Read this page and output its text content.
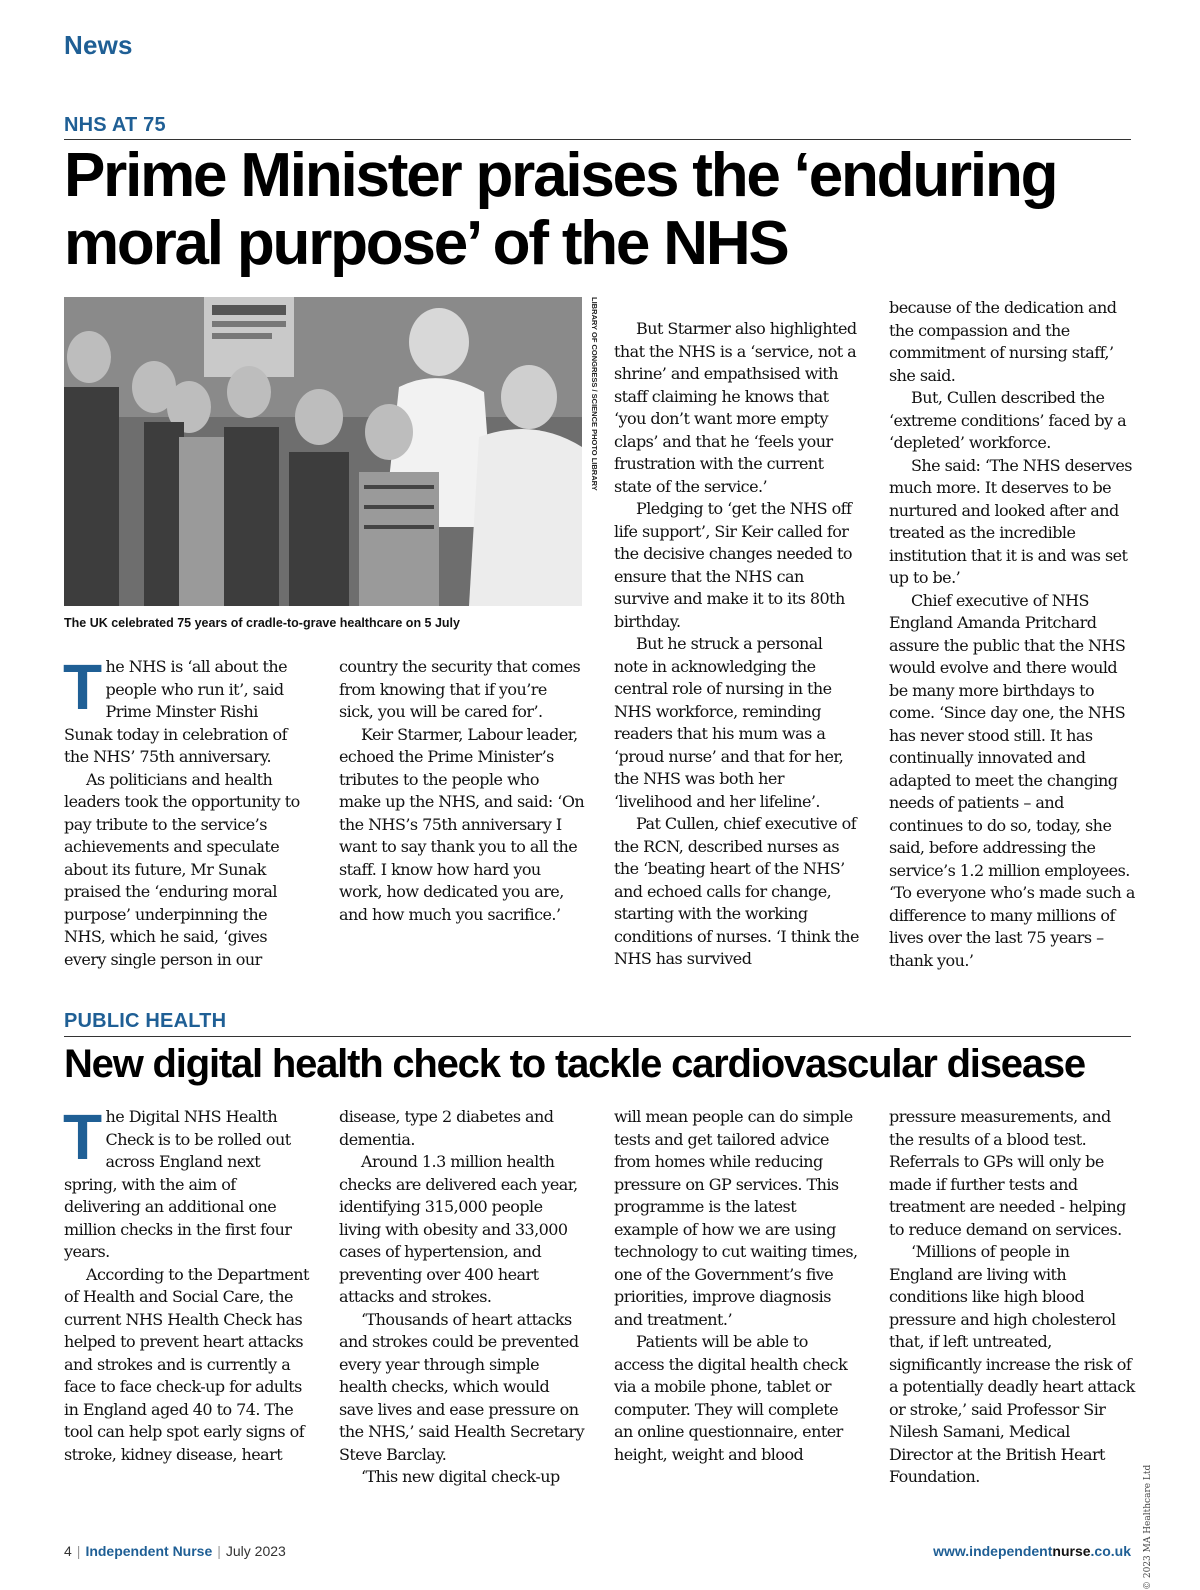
News
NHS AT 75
Prime Minister praises the ‘enduring
moral purpose’ of the NHS
LIBRARY OF CONGRESS / SCIENCE PHOTO LIBRARY
The UK celebrated 75 years of cradle-to-grave healthcare on 5 July
T he NHS is ‘all about the people who run it’, said Prime Minster Rishi Sunak today in celebration of the NHS’ 75th anniversary.

As politicians and health leaders took the opportunity to pay tribute to the service’s achievements and speculate about its future, Mr Sunak praised the ‘enduring moral purpose’ underpinning the NHS, which he said, ‘gives every single person in our

country the security that comes from knowing that if you’re sick, you will be cared for’.

Keir Starmer, Labour leader, echoed the Prime Minister’s tributes to the people who make up the NHS, and said: ‘On the NHS’s 75th anniversary I want to say thank you to all the staff. I know how hard you work, how dedicated you are, and how much you sacrifice.’

But Starmer also highlighted that the NHS is a ‘service, not a shrine’ and empathsised with staff claiming he knows that ‘you don’t want more empty claps’ and that he ‘feels your frustration with the current state of the service.’

Pledging to ‘get the NHS off life support’, Sir Keir called for the decisive changes needed to ensure that the NHS can survive and make it to its 80th birthday.

But he struck a personal note in acknowledging the central role of nursing in the NHS workforce, reminding readers that his mum was a ‘proud nurse’ and that for her, the NHS was both her ‘livelihood and her lifeline’.

Pat Cullen, chief executive of the RCN, described nurses as the ‘beating heart of the NHS’ and echoed calls for change, starting with the working conditions of nurses. ‘I think the NHS has survived

because of the dedication and the compassion and the commitment of nursing staff,’ she said.

But, Cullen described the ‘extreme conditions’ faced by a ‘depleted’ workforce.

She said: ‘The NHS deserves much more. It deserves to be nurtured and looked after and treated as the incredible institution that it is and was set up to be.’

Chief executive of NHS England Amanda Pritchard assure the public that the NHS would evolve and there would be many more birthdays to come. ‘Since day one, the NHS has never stood still. It has continually innovated and adapted to meet the changing needs of patients – and continues to do so, today, she said, before addressing the service’s 1.2 million employees. ‘To everyone who’s made such a difference to many millions of lives over the last 75 years – thank you.’

PUBLIC HEALTH
New digital health check to tackle cardiovascular disease
T he Digital NHS Health Check is to be rolled out across England next spring, with the aim of delivering an additional one million checks in the first four years.

According to the Department of Health and Social Care, the current NHS Health Check has helped to prevent heart attacks and strokes and is currently a face to face check-up for adults in England aged 40 to 74. The tool can help spot early signs of stroke, kidney disease, heart

disease, type 2 diabetes and dementia.

Around 1.3 million health checks are delivered each year, identifying 315,000 people living with obesity and 33,000 cases of hypertension, and preventing over 400 heart attacks and strokes.

‘Thousands of heart attacks and strokes could be prevented every year through simple health checks, which would save lives and ease pressure on the NHS,’ said Health Secretary Steve Barclay.

‘This new digital check-up

will mean people can do simple tests and get tailored advice from homes while reducing pressure on GP services. This programme is the latest example of how we are using technology to cut waiting times, one of the Government’s five priorities, improve diagnosis and treatment.’

Patients will be able to access the digital health check via a mobile phone, tablet or computer. They will complete an online questionnaire, enter height, weight and blood

pressure measurements, and the results of a blood test. Referrals to GPs will only be made if further tests and treatment are needed - helping to reduce demand on services.

‘Millions of people in England are living with conditions like high blood pressure and high cholesterol that, if left untreated, significantly increase the risk of a potentially deadly heart attack or stroke,’ said Professor Sir Nilesh Samani, Medical Director at the British Heart Foundation.	© 2023 MA Healthcare Ltd
4 | Independent Nurse | July 2023	www.independentnurse.co.uk
